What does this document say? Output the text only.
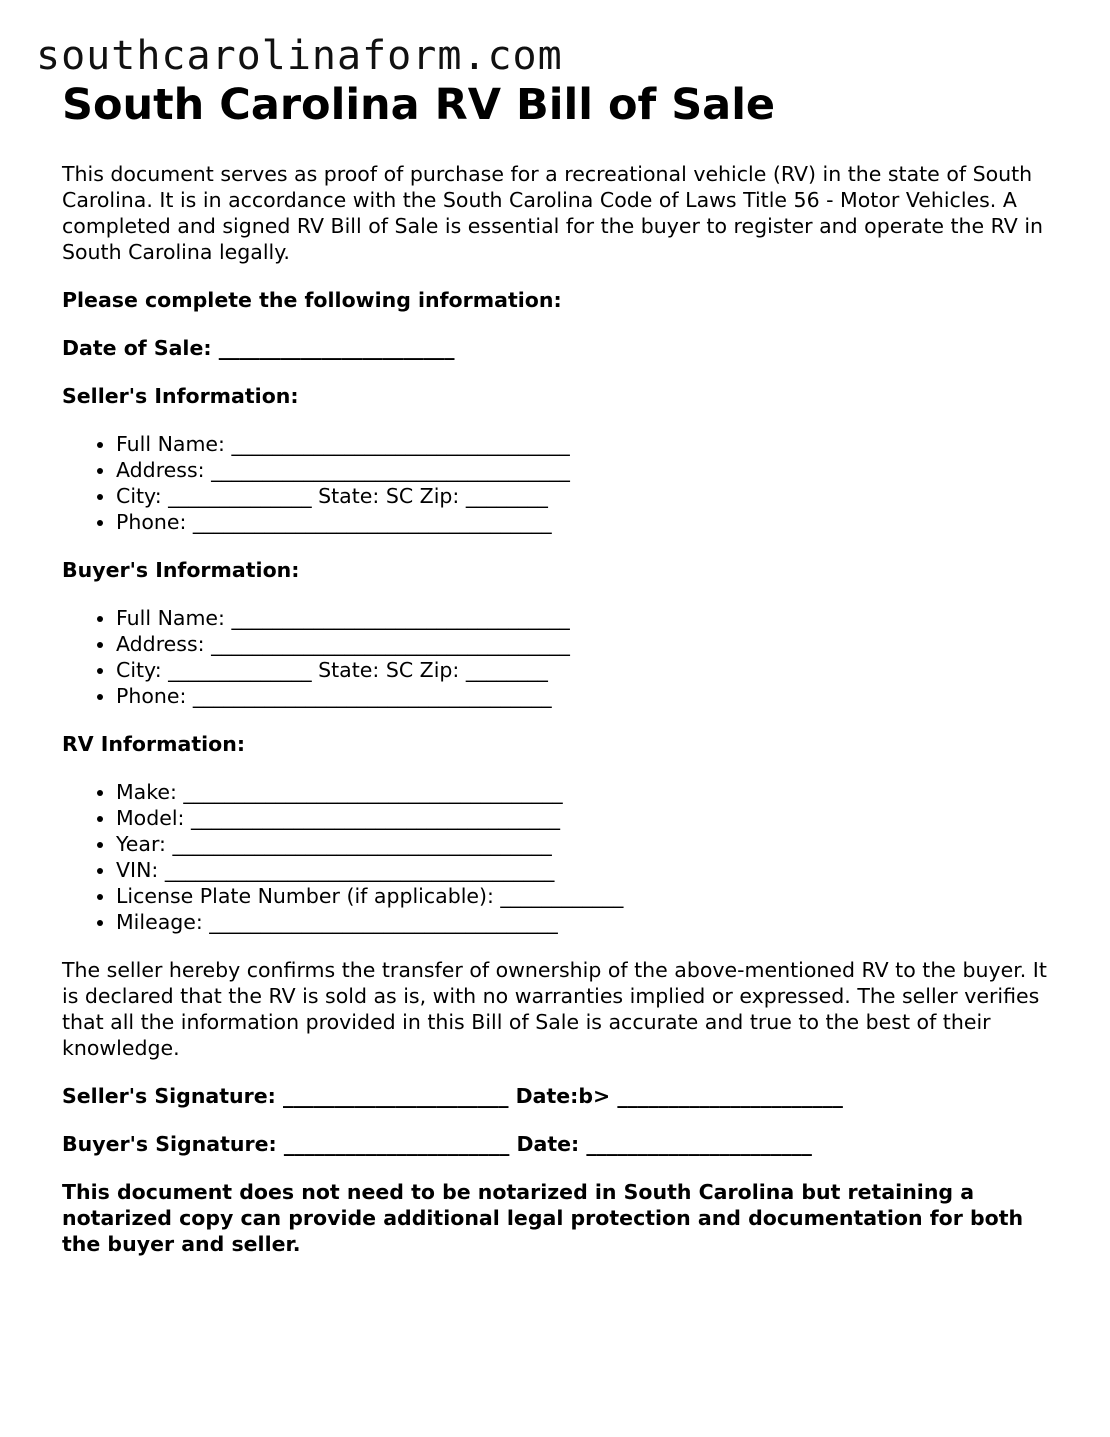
southcarolinaform.com
South Carolina RV Bill of Sale

This document serves as proof of purchase for a recreational vehicle (RV) in the state of South Carolina. It is in accordance with the South Carolina Code of Laws Title 56 - Motor Vehicles. A completed and signed RV Bill of Sale is essential for the buyer to register and operate the RV in South Carolina legally.

Please complete the following information:

Date of Sale: _______________________

Seller's Information:

• Full Name: _________________________________
• Address: ___________________________________
• City: ______________ State: SC Zip: ________
• Phone: ___________________________________

Buyer's Information:

• Full Name: _________________________________
• Address: ___________________________________
• City: ______________ State: SC Zip: ________
• Phone: ___________________________________

RV Information:

• Make: _____________________________________
• Model: ____________________________________
• Year: _____________________________________
• VIN: ______________________________________
• License Plate Number (if applicable): ____________
• Mileage: __________________________________

The seller hereby confirms the transfer of ownership of the above-mentioned RV to the buyer. It is declared that the RV is sold as is, with no warranties implied or expressed. The seller verifies that all the information provided in this Bill of Sale is accurate and true to the best of their knowledge.

Seller's Signature: ______________________ Date:b> ______________________

Buyer's Signature: ______________________ Date: ______________________

This document does not need to be notarized in South Carolina but retaining a notarized copy can provide additional legal protection and documentation for both the buyer and seller.
